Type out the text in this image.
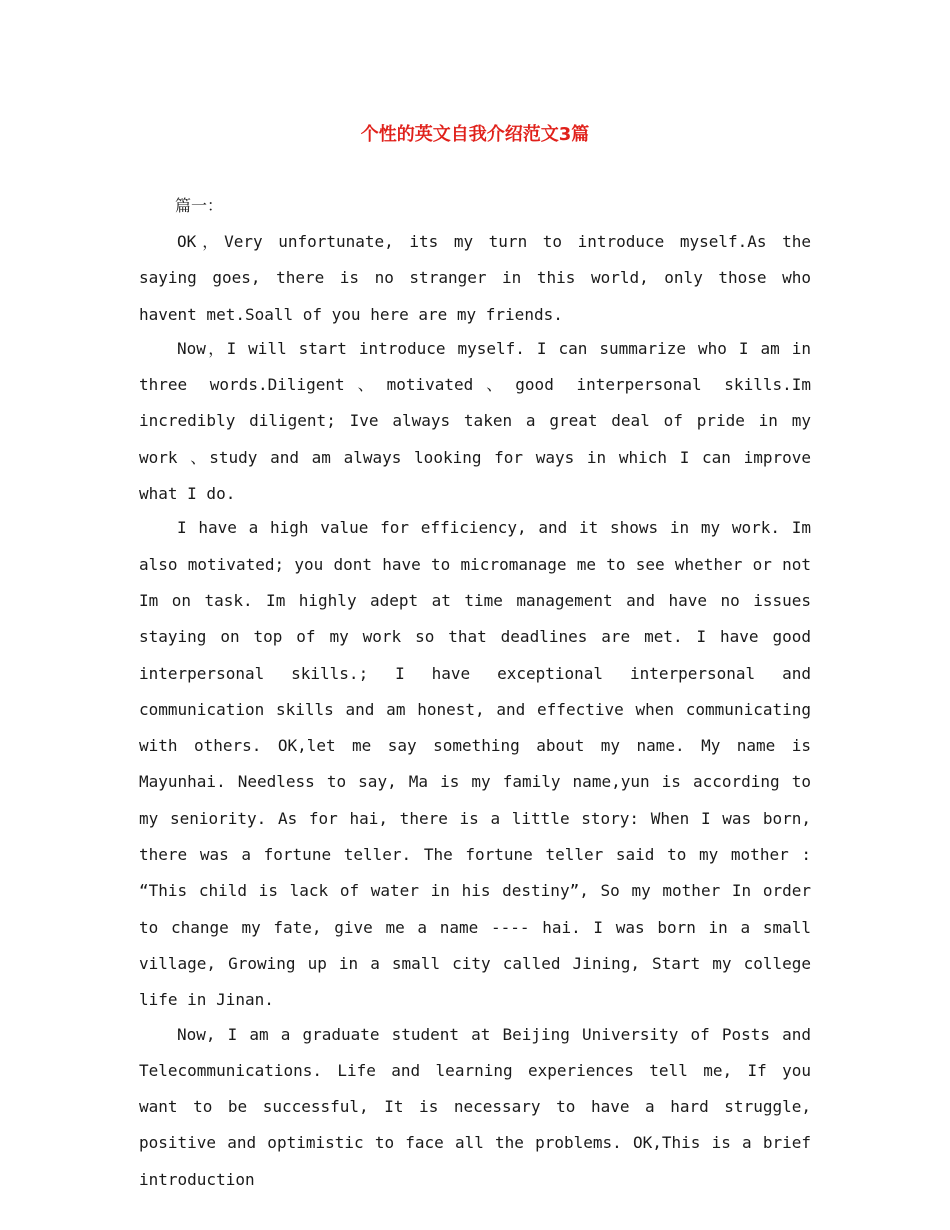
个性的英文自我介绍范文3篇
篇一：

OK，Very unfortunate, its my turn to introduce myself.As the saying goes, there is no stranger in this world, only those who havent met.Soall of you here are my friends.

Now，I will start introduce myself. I can summarize who I am in three words.Diligent、motivated、good interpersonal skills.Im incredibly diligent; Ive always taken a great deal of pride in my work 、study and am always looking for ways in which I can improve what I do.

I have a high value for efficiency, and it shows in my work. Im also motivated; you dont have to micromanage me to see whether or not Im on task. Im highly adept at time management and have no issues staying on top of my work so that deadlines are met. I have good interpersonal skills.; I have exceptional interpersonal and communication skills and am honest, and effective when communicating with others. OK,let me say something about my name. My name is Mayunhai. Needless to say, Ma is my family name,yun is according to my seniority. As for hai, there is a little story: When I was born, there was a fortune teller. The fortune teller said to my mother : “This child is lack of water in his destiny”, So my mother In order to change my fate, give me a name ---- hai. I was born in a small village, Growing up in a small city called Jining, Start my college life in Jinan.

Now, I am a graduate student at Beijing University of Posts and Telecommunications. Life and learning experiences tell me, If you want to be successful, It is necessary to have a hard struggle, positive and optimistic to face all the problems. OK,This is a brief introduction
